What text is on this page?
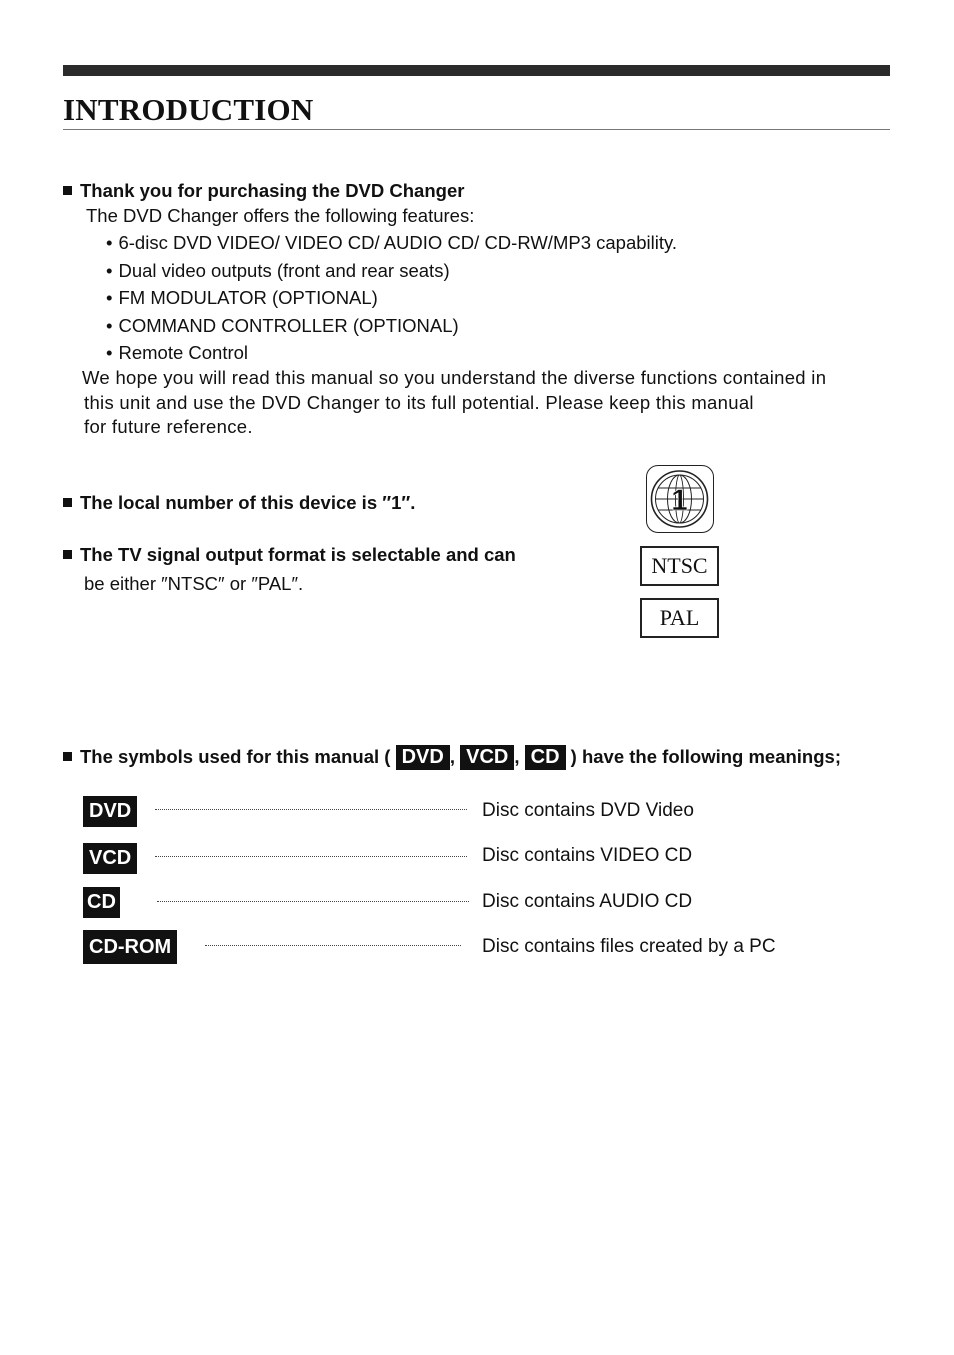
INTRODUCTION
Thank you for purchasing the DVD Changer
The DVD Changer offers the following features:
• 6-disc DVD VIDEO/ VIDEO CD/ AUDIO CD/ CD-RW/MP3 capability.
• Dual video outputs (front and rear seats)
• FM MODULATOR (OPTIONAL)
• COMMAND CONTROLLER (OPTIONAL)
• Remote Control
We hope you will read this manual so you understand the diverse functions contained in
this unit and use the DVD Changer to its full potential. Please keep this manual
for future reference.
The local number of this device is ″1″.
The TV signal output format is selectable and can
be either ″NTSC″ or ″PAL″.
1
NTSC
PAL
The symbols used for this manual ( DVD , VCD , CD ) have the following meanings;
DVD	Disc contains DVD Video
VCD	Disc contains VIDEO CD
CD	Disc contains AUDIO CD
CD-ROM	Disc contains files created by a PC
